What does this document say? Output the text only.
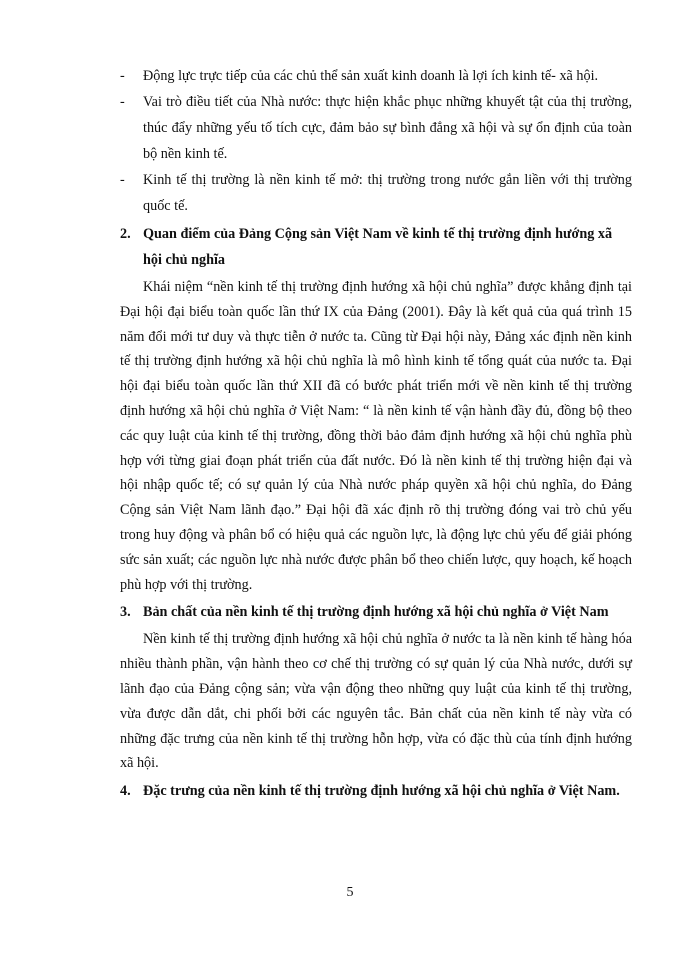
- Động lực trực tiếp của các chủ thể sản xuất kinh doanh là lợi ích kinh tế- xã hội.
- Vai trò điều tiết của Nhà nước: thực hiện khắc phục những khuyết tật của thị trường, thúc đẩy những yếu tố tích cực, đảm bảo sự bình đẳng xã hội và sự ổn định của toàn bộ nền kinh tế.
- Kinh tế thị trường là nền kinh tế mở: thị trường trong nước gắn liền với thị trường quốc tế.
2. Quan điểm của Đảng Cộng sản Việt Nam về kinh tế thị trường định hướng xã hội chủ nghĩa

Khái niệm “nền kinh tế thị trường định hướng xã hội chủ nghĩa” được khẳng định tại Đại hội đại biểu toàn quốc lần thứ IX của Đảng (2001). Đây là kết quả của quá trình 15 năm đổi mới tư duy và thực tiễn ở nước ta. Cũng từ Đại hội này, Đảng xác định nền kinh tế thị trường định hướng xã hội chủ nghĩa là mô hình kinh tế tổng quát của nước ta. Đại hội đại biểu toàn quốc lần thứ XII đã có bước phát triển mới về nền kinh tế thị trường định hướng xã hội chủ nghĩa ở Việt Nam: “ là nền kinh tế vận hành đầy đủ, đồng bộ theo các quy luật của kinh tế thị trường, đồng thời bảo đảm định hướng xã hội chủ nghĩa phù hợp với từng giai đoạn phát triển của đất nước. Đó là nền kinh tế thị trường hiện đại và hội nhập quốc tế; có sự quản lý của Nhà nước pháp quyền xã hội chủ nghĩa, do Đảng Cộng sản Việt Nam lãnh đạo.” Đại hội đã xác định rõ thị trường đóng vai trò chủ yếu trong huy động và phân bổ có hiệu quả các nguồn lực, là động lực chủ yếu để giải phóng sức sản xuất; các nguồn lực nhà nước được phân bổ theo chiến lược, quy hoạch, kế hoạch phù hợp với thị trường.

3. Bản chất của nền kinh tế thị trường định hướng xã hội chủ nghĩa ở Việt Nam

Nền kinh tế thị trường định hướng xã hội chủ nghĩa ở nước ta là nền kinh tế hàng hóa nhiều thành phần, vận hành theo cơ chế thị trường có sự quản lý của Nhà nước, dưới sự lãnh đạo của Đảng cộng sản; vừa vận động theo những quy luật của kinh tế thị trường, vừa được dẫn dắt, chi phối bởi các nguyên tắc. Bản chất của nền kinh tế này vừa có những đặc trưng của nền kinh tế thị trường hỗn hợp, vừa có đặc thù của tính định hướng xã hội.

4. Đặc trưng của nền kinh tế thị trường định hướng xã hội chủ nghĩa ở Việt Nam.
5
